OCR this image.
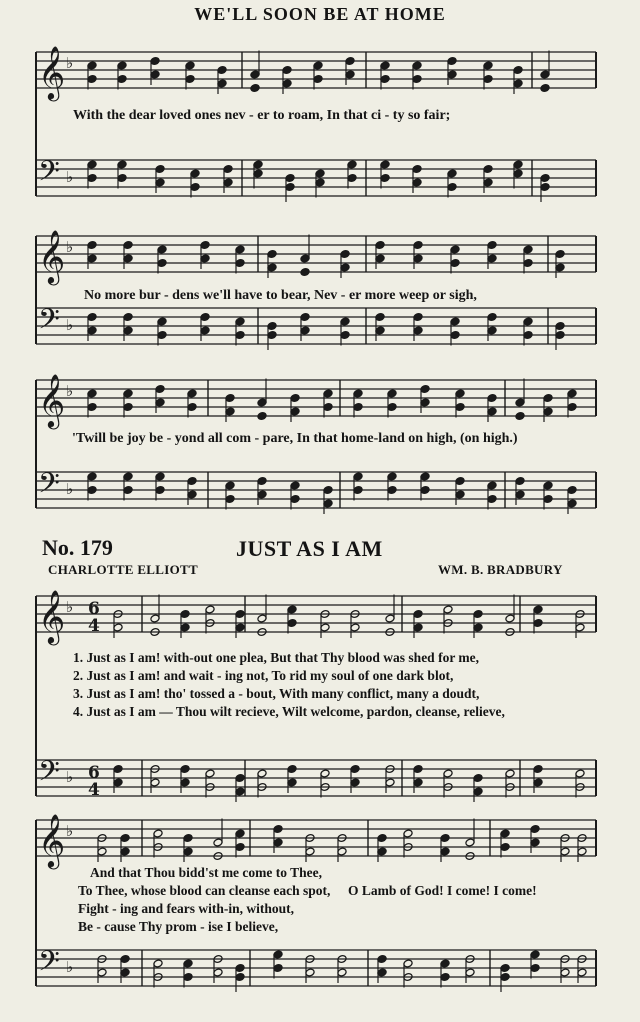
WE'LL SOON BE AT HOME
𝄞 ♭
𝄢 ♭
𝄞 ♭
𝄢 ♭
𝄞 ♭
𝄢 ♭
𝄞 ♭
𝄢 ♭
𝄞 ♭
𝄢 ♭
6
4
6
4
With the dear loved ones nev - er to roam, In that ci - ty so fair;
No more bur - dens we'll have to bear, Nev - er more weep or sigh,
'Twill be joy be - yond all com - pare, In that home-land on high, (on high.)
No. 179	JUST AS I AM
CHARLOTTE ELLIOTT	WM. B. BRADBURY
1. Just as I am! with-out one plea, But that Thy blood was shed for me,
2. Just as I am! and wait - ing not, To rid my soul of one dark blot,
3. Just as I am! tho' tossed a - bout, With many conflict, many a doudt,
4. Just as I am — Thou wilt recieve, Wilt welcome, pardon, cleanse, relieve,
And that Thou bidd'st me come to Thee,
To Thee, whose blood can cleanse each spot, O Lamb of God! I come! I come!
Fight - ing and fears with-in, without,
Be - cause Thy prom - ise I believe,
